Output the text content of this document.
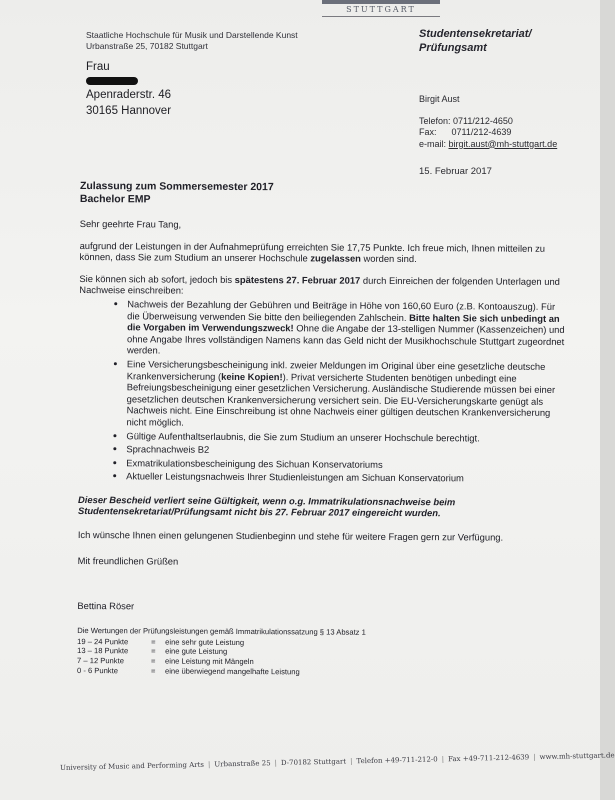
STUTTGART
Staatliche Hochschule für Musik und Darstellende Kunst
Urbanstraße 25, 70182 Stuttgart
Studentensekretariat/
Prüfungsamt
Frau
Apenraderstr. 46
30165 Hannover
Birgit Aust
Telefon: 0711/212-4650
Fax:      0711/212-4639
e-mail: birgit.aust@mh-stuttgart.de
15. Februar 2017
Zulassung zum Sommersemester 2017
Bachelor EMP

Sehr geehrte Frau Tang,

aufgrund der Leistungen in der Aufnahmeprüfung erreichten Sie 17,75 Punkte. Ich freue mich, Ihnen mitteilen zu können, dass Sie zum Studium an unserer Hochschule zugelassen worden sind.

Sie können sich ab sofort, jedoch bis spätestens 27. Februar 2017 durch Einreichen der folgenden Unterlagen und Nachweise einschreiben:

• Nachweis der Bezahlung der Gebühren und Beiträge in Höhe von 160,60 Euro (z.B. Kontoauszug). Für die Überweisung verwenden Sie bitte den beiliegenden Zahlschein. Bitte halten Sie sich unbedingt an die Vorgaben im Verwendungszweck! Ohne die Angabe der 13-stelligen Nummer (Kassenzeichen) und ohne Angabe Ihres vollständigen Namens kann das Geld nicht der Musikhochschule Stuttgart zugeordnet werden.
• Eine Versicherungsbescheinigung inkl. zweier Meldungen im Original über eine gesetzliche deutsche Krankenversicherung (keine Kopien!). Privat versicherte Studenten benötigen unbedingt eine Befreiungsbescheinigung einer gesetzlichen Versicherung. Ausländische Studierende müssen bei einer gesetzlichen deutschen Krankenversicherung versichert sein. Die EU-Versicherungskarte genügt als Nachweis nicht. Eine Einschreibung ist ohne Nachweis einer gültigen deutschen Krankenversicherung nicht möglich.
• Gültige Aufenthaltserlaubnis, die Sie zum Studium an unserer Hochschule berechtigt.
• Sprachnachweis B2
• Exmatrikulationsbescheinigung des Sichuan Konservatoriums
• Aktueller Leistungsnachweis Ihrer Studienleistungen am Sichuan Konservatorium

Dieser Bescheid verliert seine Gültigkeit, wenn o.g. Immatrikulationsnachweise beim Studentensekretariat/Prüfungsamt nicht bis 27. Februar 2017 eingereicht wurden.

Ich wünsche Ihnen einen gelungenen Studienbeginn und stehe für weitere Fragen gern zur Verfügung.

Mit freundlichen Grüßen

Bettina Röser
Die Wertungen der Prüfungsleistungen gemäß Immatrikulationssatzung § 13 Absatz 1
19 – 24 Punkte	=	eine sehr gute Leistung
13 – 18 Punkte	=	eine gute Leistung
7 – 12 Punkte	=	eine Leistung mit Mängeln
0 - 6 Punkte	=	eine überwiegend mangelhafte Leistung
University of Music and Performing Arts | Urbanstraße 25 | D-70182 Stuttgart | Telefon +49-711-212-0 | Fax +49-711-212-4639 | www.mh-stuttgart.de
